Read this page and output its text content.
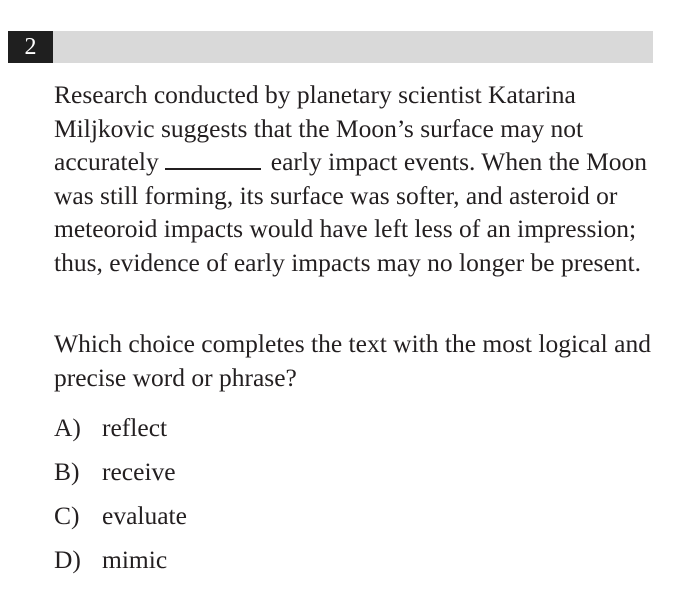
2

Research conducted by planetary scientist Katarina Miljkovic suggests that the Moon’s surface may not accurately	early impact events. When the Moon was still forming, its surface was softer, and asteroid or meteoroid impacts would have left less of an impression; thus, evidence of early impacts may no longer be present.

Which choice completes the text with the most logical and precise word or phrase?

A) reflect
B) receive
C) evaluate
D) mimic
